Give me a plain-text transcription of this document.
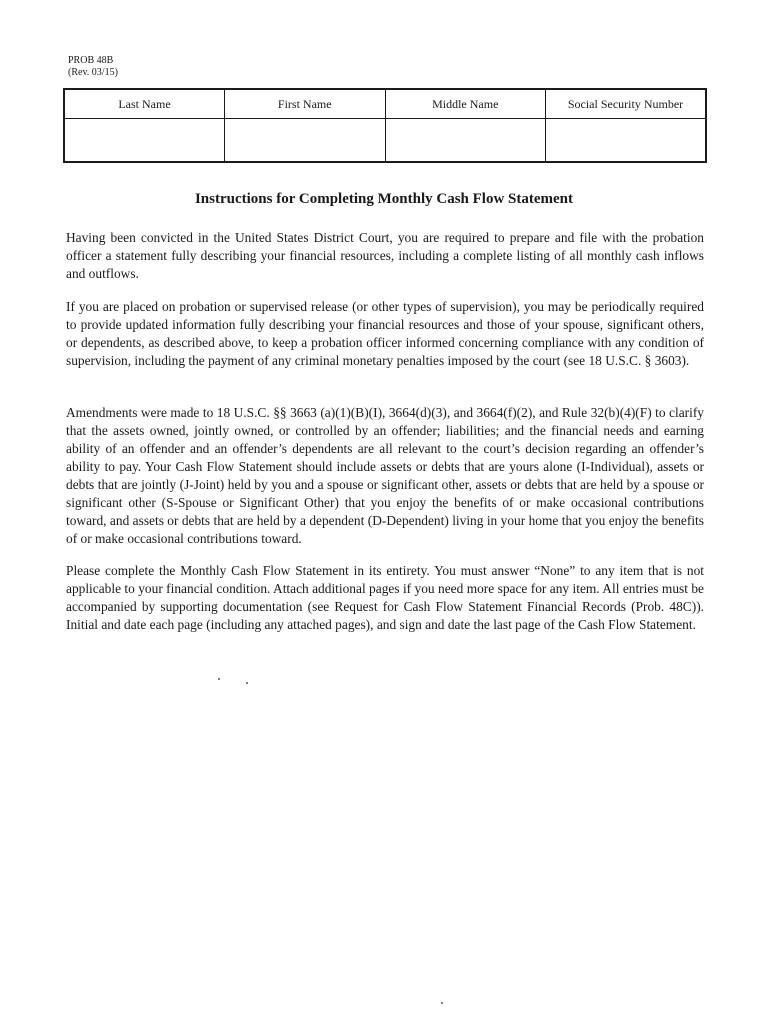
PROB 48B
(Rev. 03/15)
Last Name	First Name	Middle Name	Social Security Number

Instructions for Completing Monthly Cash Flow Statement

Having been convicted in the United States District Court, you are required to prepare and file with the probation officer a statement fully describing your financial resources, including a complete listing of all monthly cash inflows and outflows.

If you are placed on probation or supervised release (or other types of supervision), you may be periodically required to provide updated information fully describing your financial resources and those of your spouse, significant others, or dependents, as described above, to keep a probation officer informed concerning compliance with any condition of supervision, including the payment of any criminal monetary penalties imposed by the court (see 18 U.S.C. § 3603).

Amendments were made to 18 U.S.C. §§ 3663 (a)(1)(B)(I), 3664(d)(3), and 3664(f)(2), and Rule 32(b)(4)(F) to clarify that the assets owned, jointly owned, or controlled by an offender; liabilities; and the financial needs and earning ability of an offender and an offender’s dependents are all relevant to the court’s decision regarding an offender’s ability to pay. Your Cash Flow Statement should include assets or debts that are yours alone (I-Individual), assets or debts that are jointly (J-Joint) held by you and a spouse or significant other, assets or debts that are held by a spouse or significant other (S-Spouse or Significant Other) that you enjoy the benefits of or make occasional contributions toward, and assets or debts that are held by a dependent (D-Dependent) living in your home that you enjoy the benefits of or make occasional contributions toward.

Please complete the Monthly Cash Flow Statement in its entirety. You must answer “None” to any item that is not applicable to your financial condition. Attach additional pages if you need more space for any item. All entries must be accompanied by supporting documentation (see Request for Cash Flow Statement Financial Records (Prob. 48C)). Initial and date each page (including any attached pages), and sign and date the last page of the Cash Flow Statement.
